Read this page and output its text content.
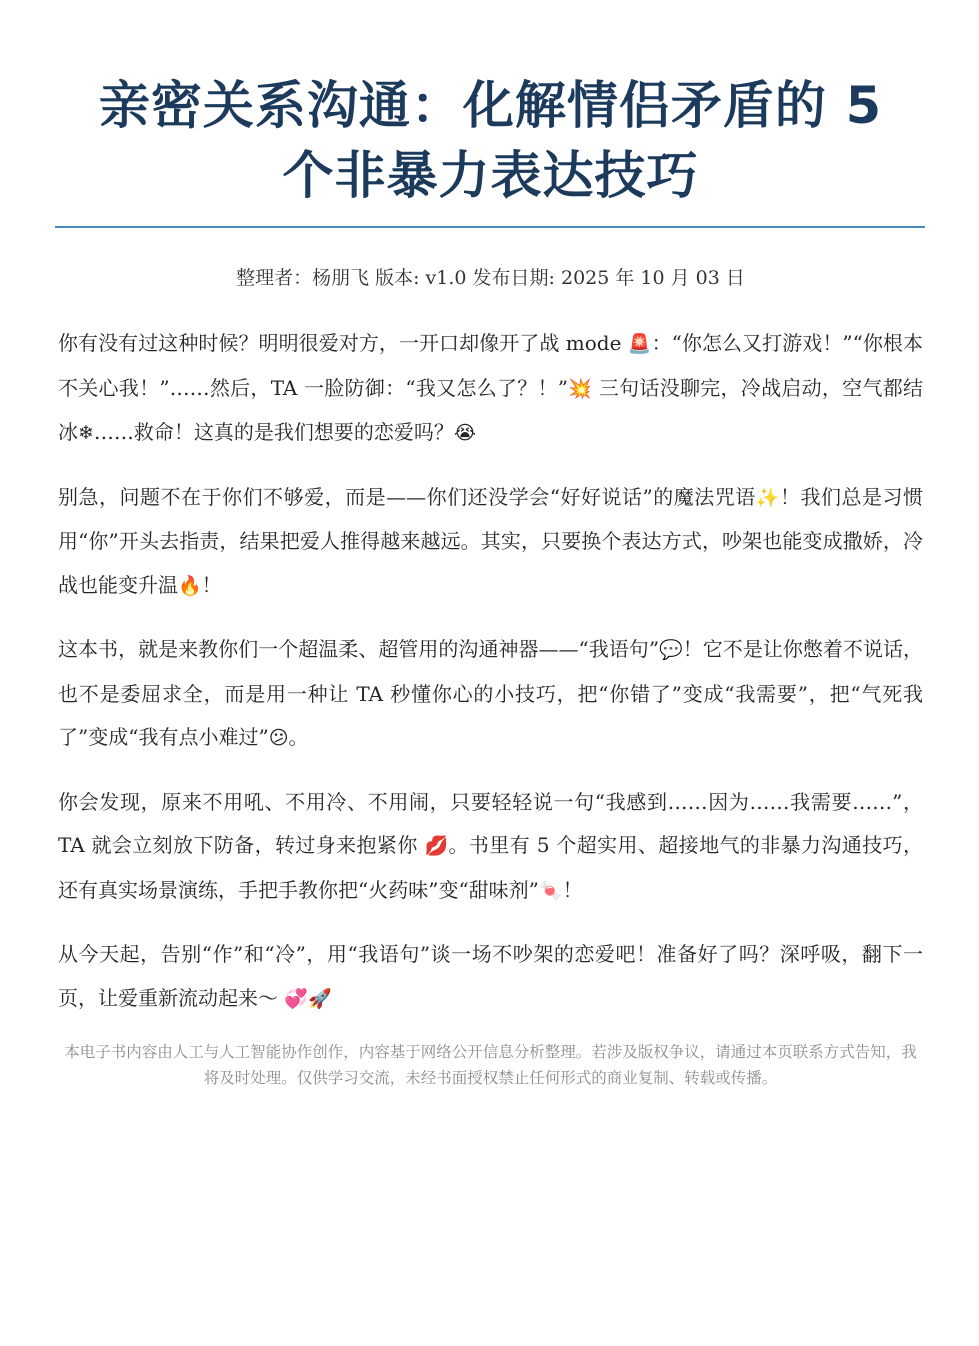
亲密关系沟通：化解情侣矛盾的 5
个非暴力表达技巧
整理者：杨朋飞 版本: v1.0 发布日期: 2025 年 10 月 03 日

你有没有过这种时候？明明很爱对方，一开口却像开了战 mode 🚨：“你怎么又打游戏！”“你根本不关心我！”……然后，TA 一脸防御：“我又怎么了？！”💥 三句话没聊完，冷战启动，空气都结冰❄……救命！这真的是我们想要的恋爱吗？😭

别急，问题不在于你们不够爱，而是——你们还没学会“好好说话”的魔法咒语✨！我们总是习惯用“你”开头去指责，结果把爱人推得越来越远。其实，只要换个表达方式，吵架也能变成撒娇，冷战也能变升温🔥！

这本书，就是来教你们一个超温柔、超管用的沟通神器——“我语句”💬！它不是让你憋着不说话，也不是委屈求全，而是用一种让 TA 秒懂你心的小技巧，把“你错了”变成“我需要”，把“气死我了”变成“我有点小难过”😕。

你会发现，原来不用吼、不用冷、不用闹，只要轻轻说一句“我感到……因为……我需要……”，TA 就会立刻放下防备，转过身来抱紧你 💋。书里有 5 个超实用、超接地气的非暴力沟通技巧，还有真实场景演练，手把手教你把“火药味”变“甜味剂”🍬！

从今天起，告别“作”和“冷”，用“我语句”谈一场不吵架的恋爱吧！准备好了吗？深呼吸，翻下一页，让爱重新流动起来～ 💞🚀

本电子书内容由人工与人工智能协作创作，内容基于网络公开信息分析整理。若涉及版权争议，请通过本页联系方式告知，我将及时处理。仅供学习交流，未经书面授权禁止任何形式的商业复制、转载或传播。
